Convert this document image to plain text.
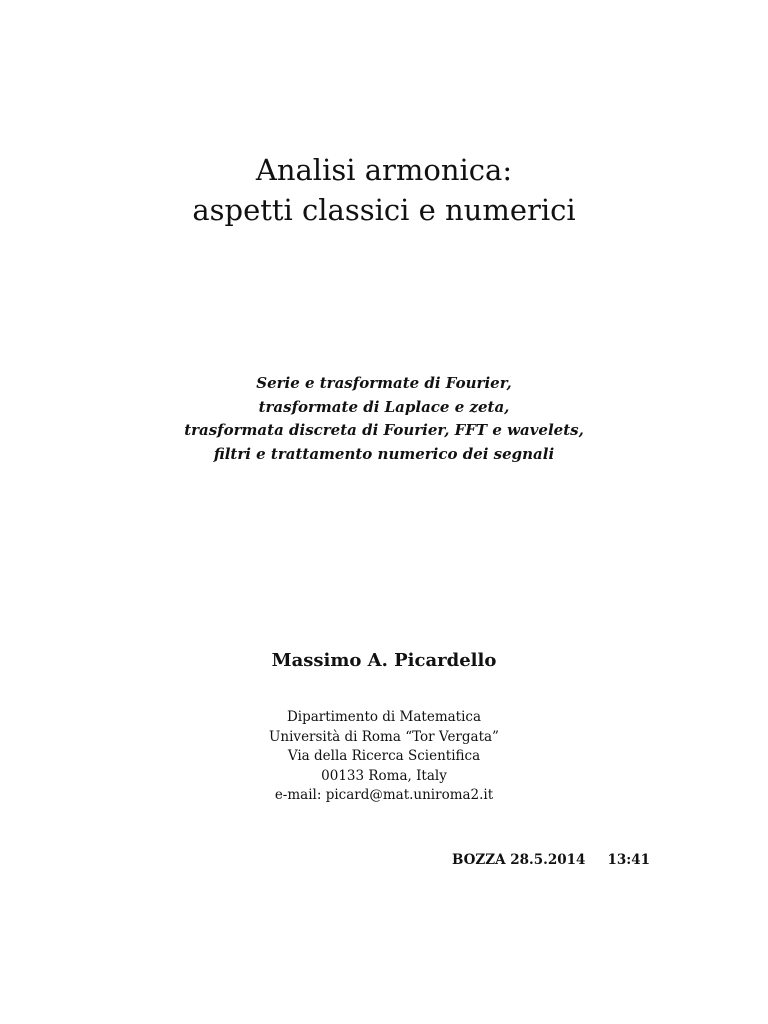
Analisi armonica:
aspetti classici e numerici
Serie e trasformate di Fourier,
trasformate di Laplace e zeta,
trasformata discreta di Fourier, FFT e wavelets,
filtri e trattamento numerico dei segnali
Massimo A. Picardello
Dipartimento di Matematica
Università di Roma “Tor Vergata”
Via della Ricerca Scientifica
00133 Roma, Italy
e-mail: picard@mat.uniroma2.it
BOZZA 28.5.2014 13:41
